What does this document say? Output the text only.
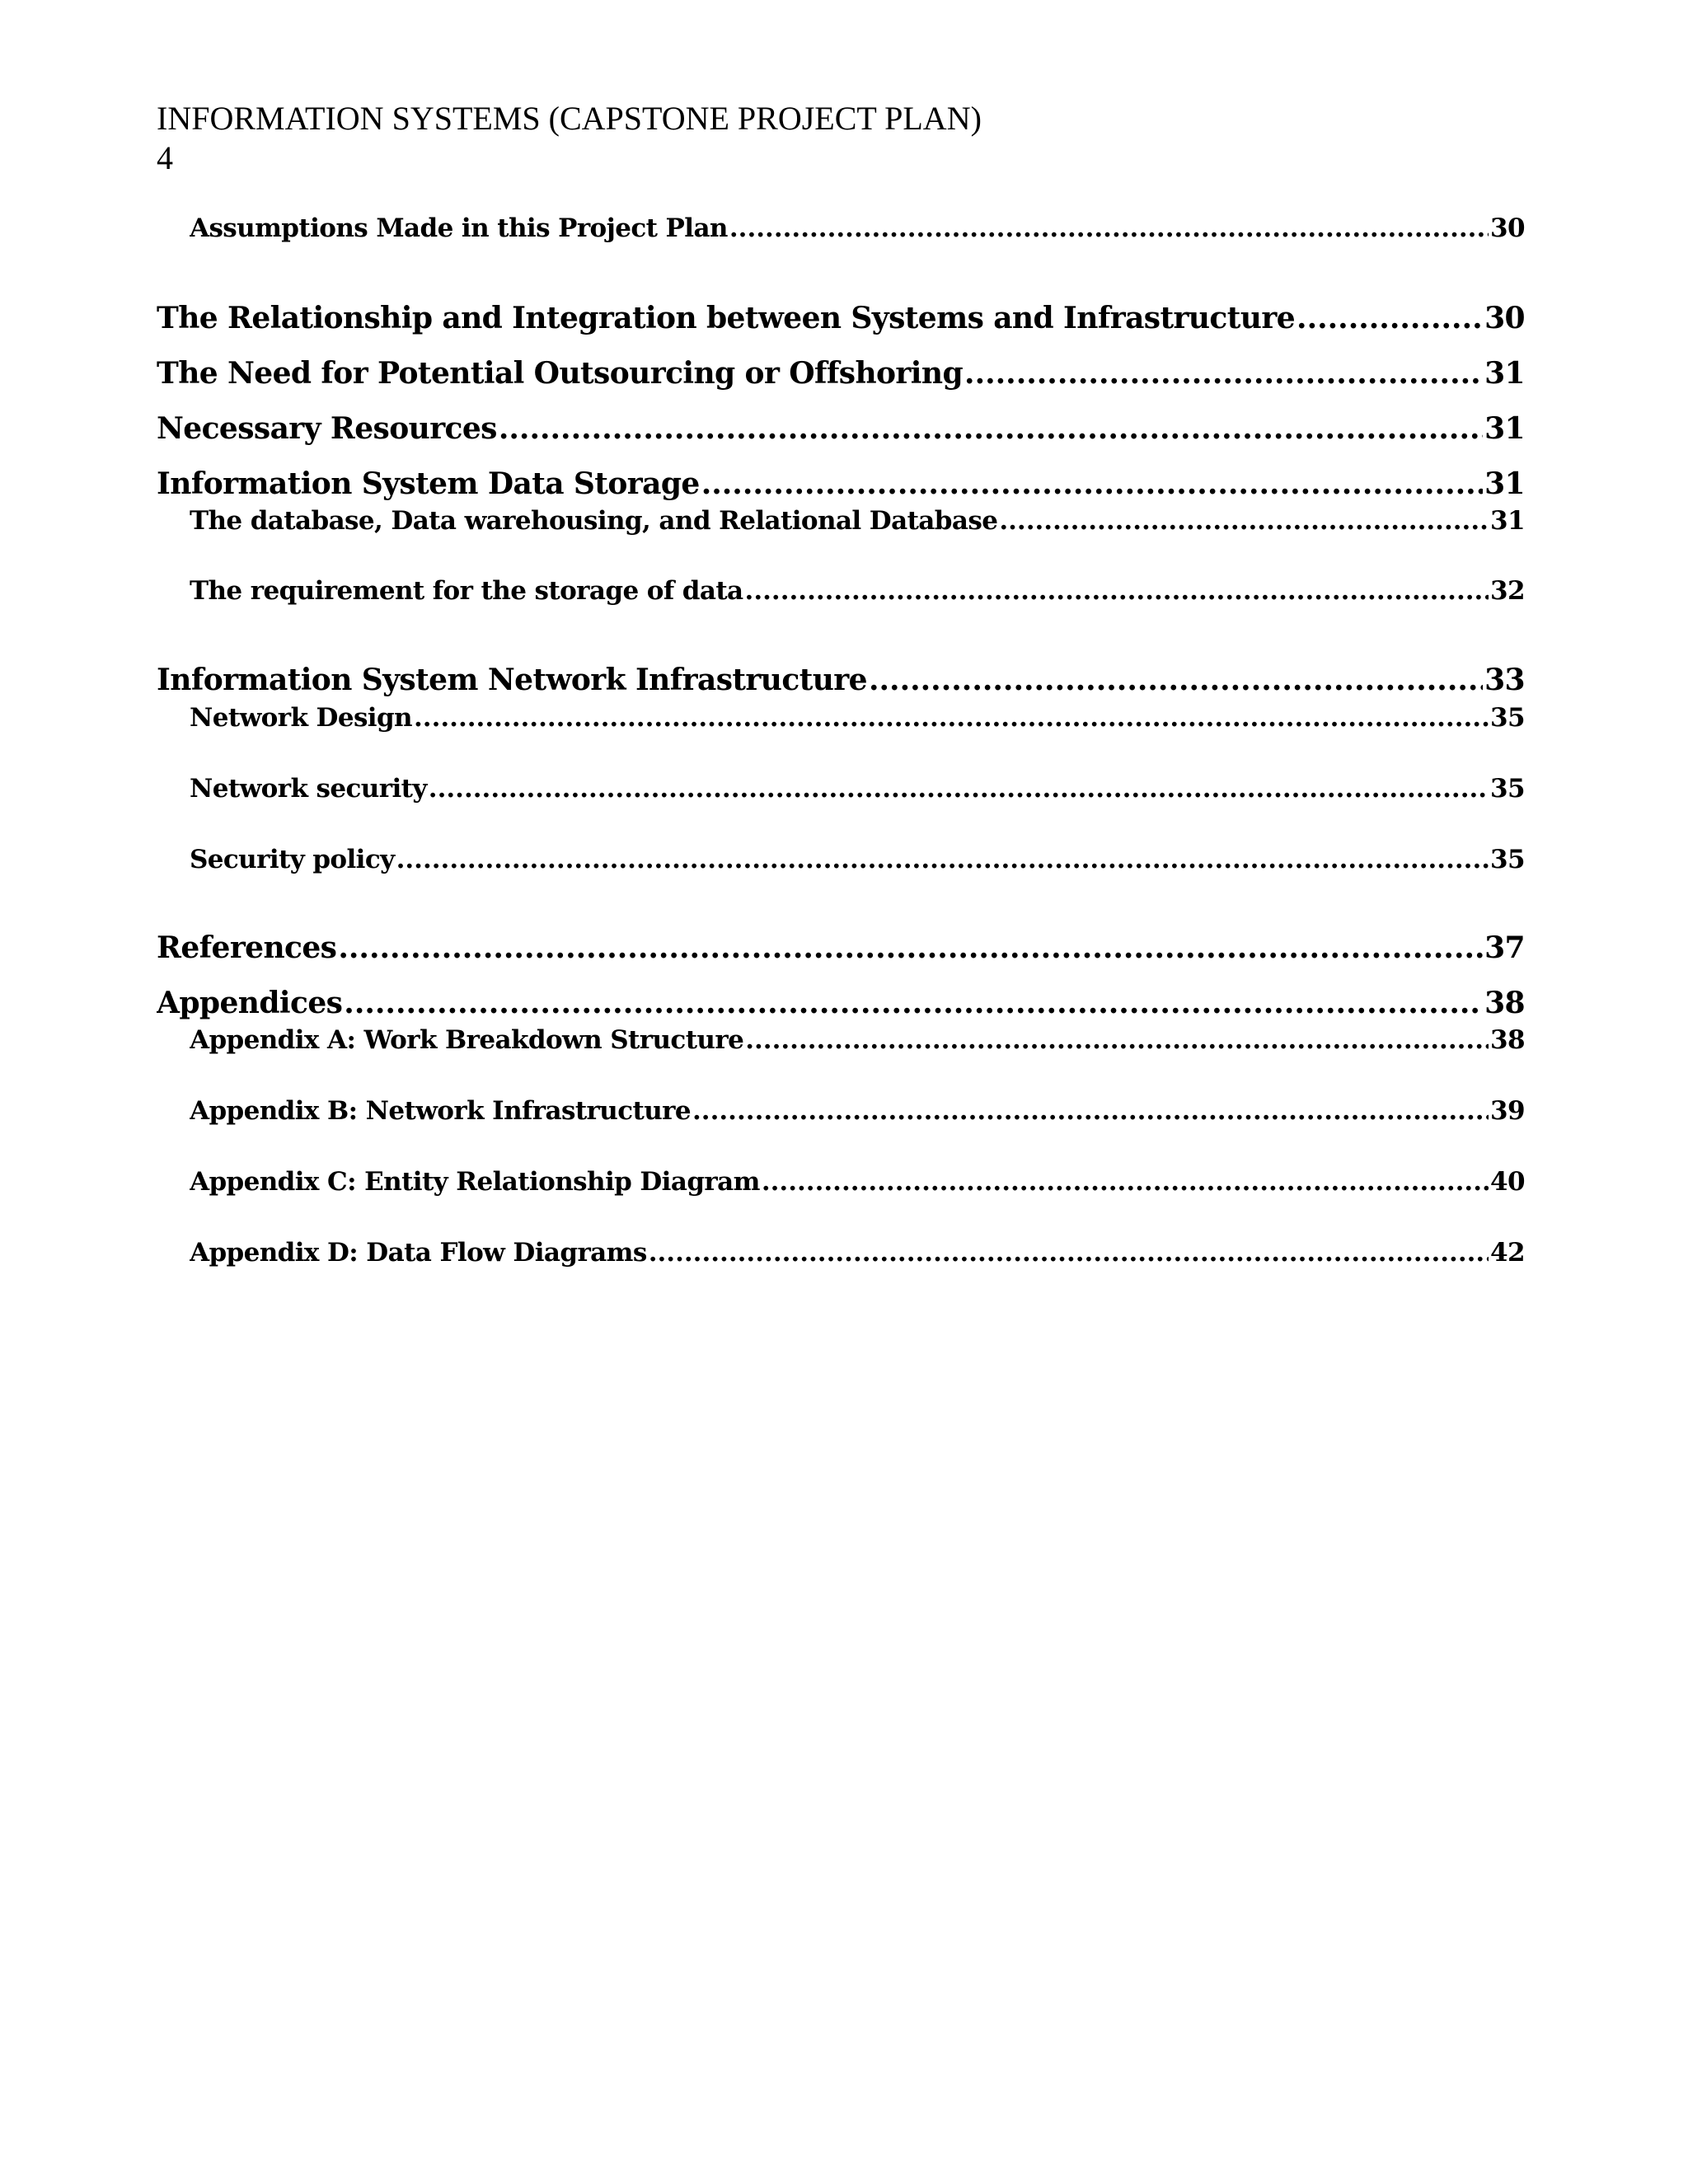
INFORMATION SYSTEMS (CAPSTONE PROJECT PLAN)
4
Assumptions Made in this Project Plan .....	30
The Relationship and Integration between Systems and Infrastructure .....	30
The Need for Potential Outsourcing or Offshoring .....	31
Necessary Resources .....	31
Information System Data Storage .....	31
The database, Data warehousing, and Relational Database .....	31
The requirement for the storage of data .....	32
Information System Network Infrastructure .....	33
Network Design .....	35
Network security .....	35
Security policy .....	35
References .....	37
Appendices .....	38
Appendix A: Work Breakdown Structure .....	38
Appendix B: Network Infrastructure .....	39
Appendix C: Entity Relationship Diagram .....	40
Appendix D: Data Flow Diagrams .....	42
